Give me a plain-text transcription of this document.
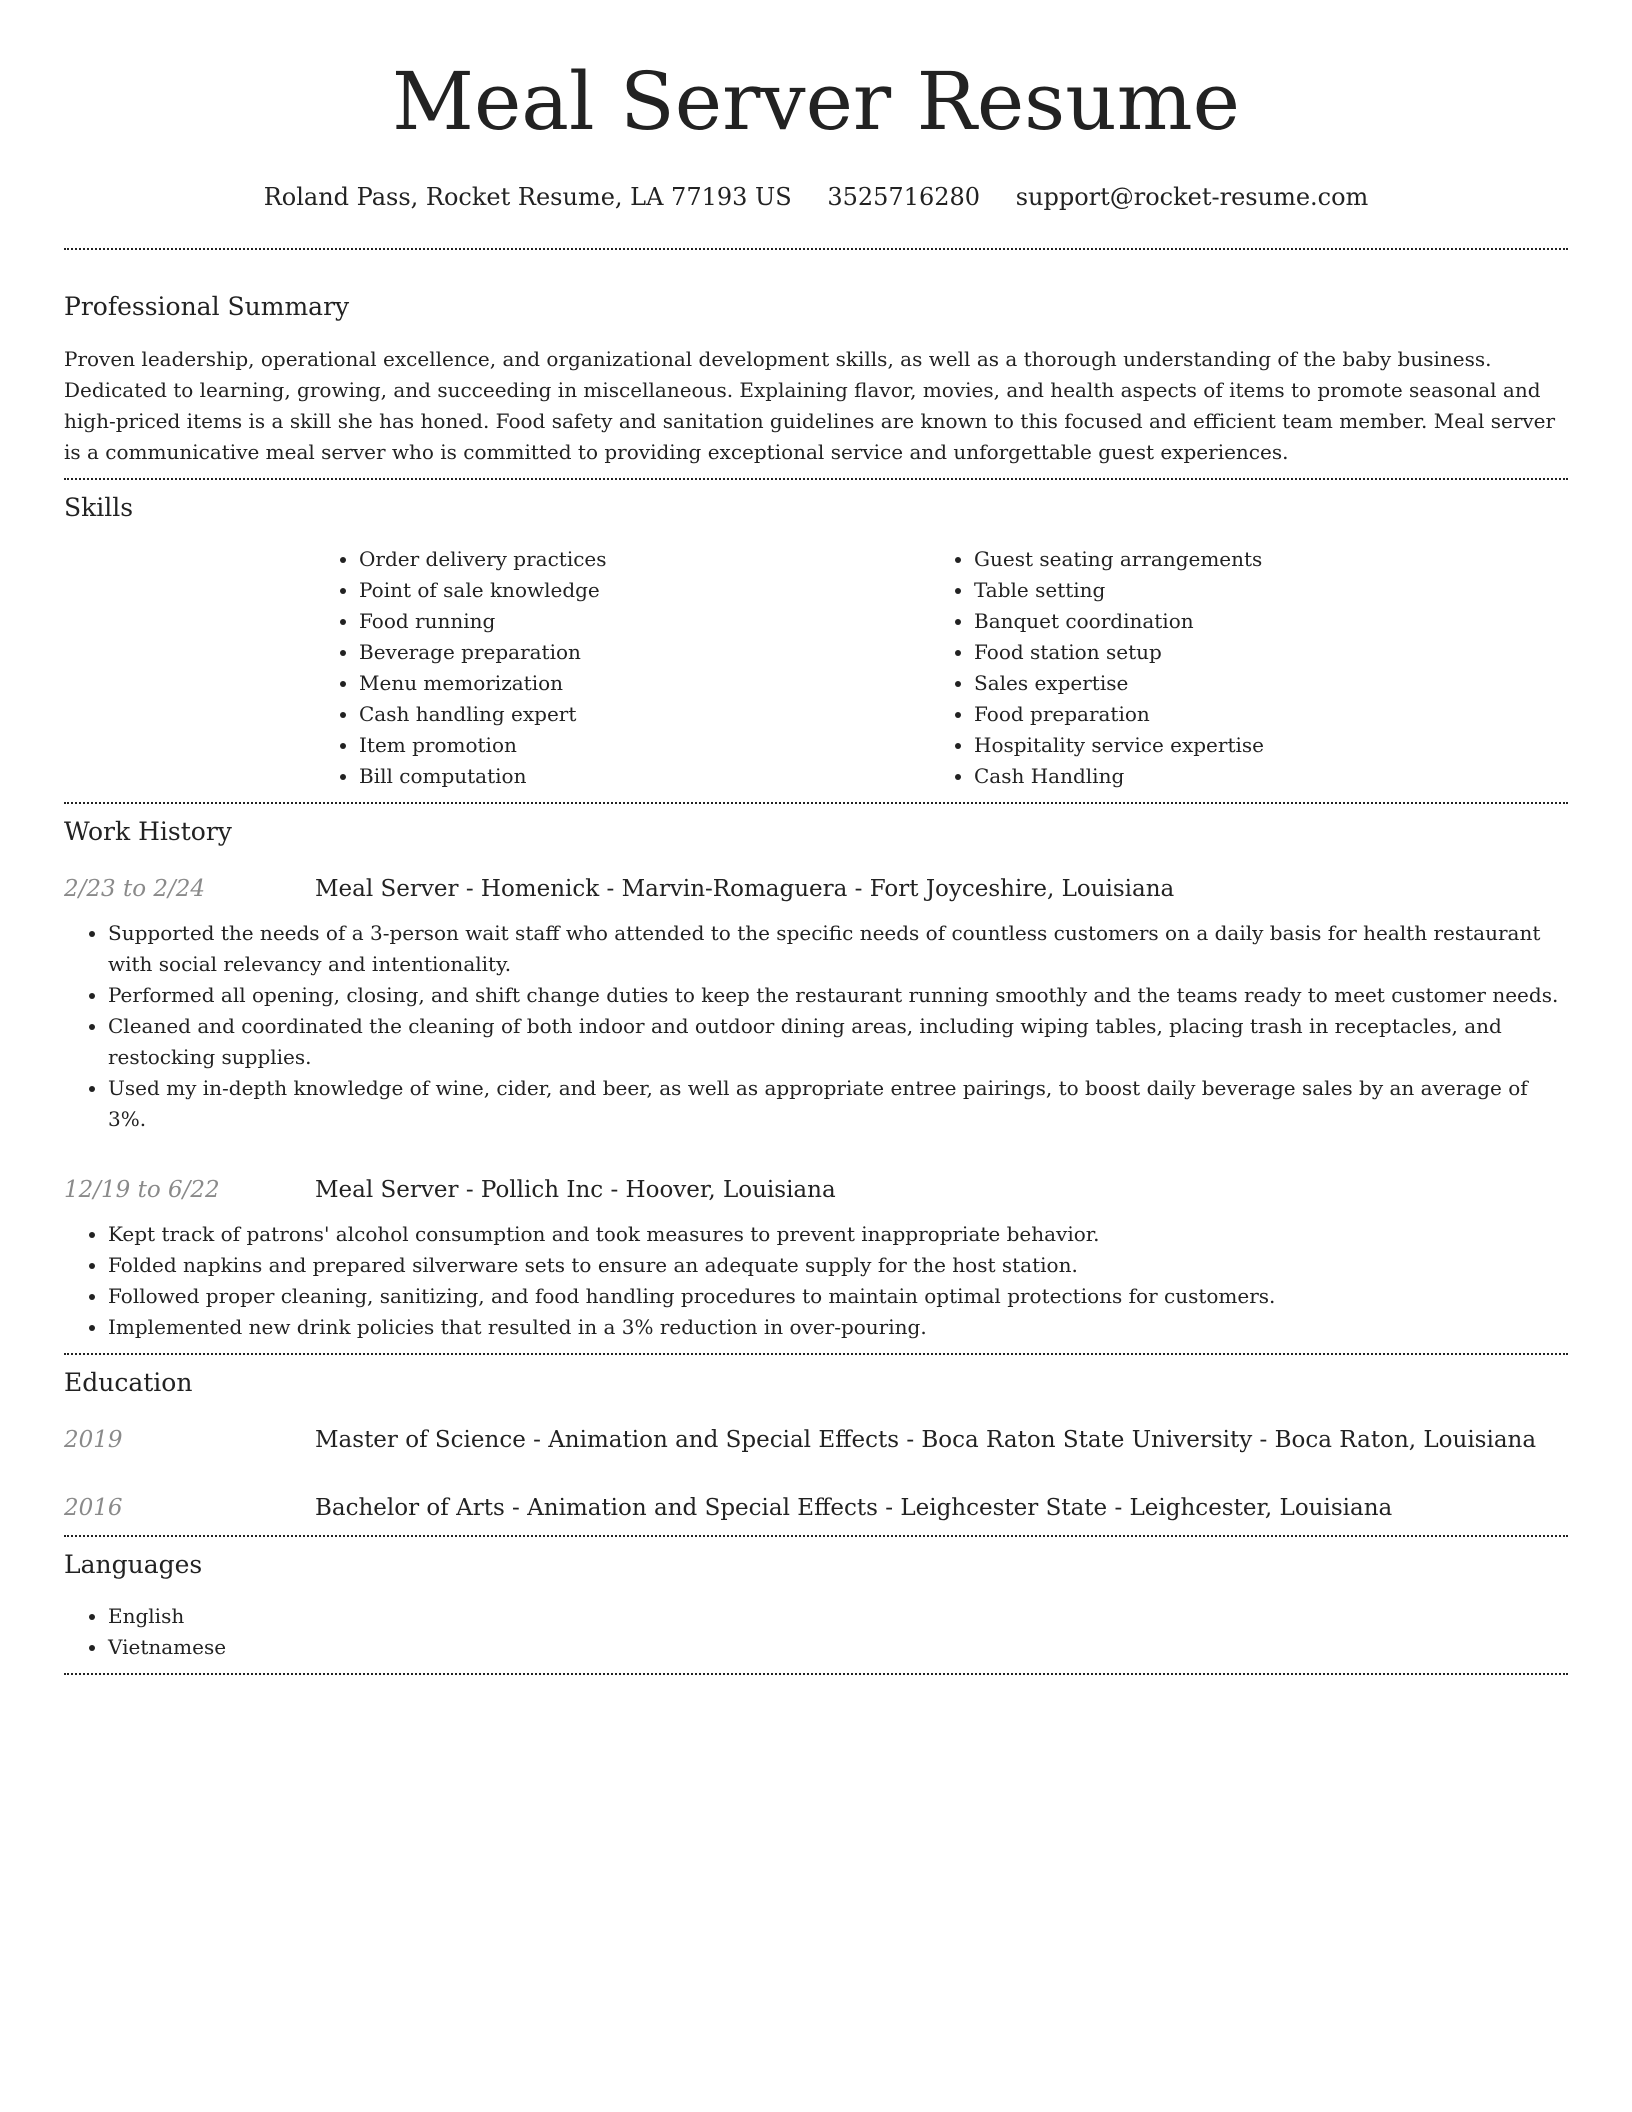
Meal Server Resume
Roland Pass, Rocket Resume, LA 77193 US 3525716280 support@rocket-resume.com
Professional Summary

Proven leadership, operational excellence, and organizational development skills, as well as a thorough understanding of the baby business. Dedicated to learning, growing, and succeeding in miscellaneous. Explaining flavor, movies, and health aspects of items to promote seasonal and high-priced items is a skill she has honed. Food safety and sanitation guidelines are known to this focused and efficient team member. Meal server is a communicative meal server who is committed to providing exceptional service and unforgettable guest experiences.

Skills
• Order delivery practices
• Point of sale knowledge
• Food running
• Beverage preparation
• Menu memorization
• Cash handling expert
• Item promotion
• Bill computation
• Guest seating arrangements
• Table setting
• Banquet coordination
• Food station setup
• Sales expertise
• Food preparation
• Hospitality service expertise
• Cash Handling
Work History
2/23 to 2/24	Meal Server - Homenick - Marvin-Romaguera - Fort Joyceshire, Louisiana
• Supported the needs of a 3-person wait staff who attended to the specific needs of countless customers on a daily basis for health restaurant with social relevancy and intentionality.
• Performed all opening, closing, and shift change duties to keep the restaurant running smoothly and the teams ready to meet customer needs.
• Cleaned and coordinated the cleaning of both indoor and outdoor dining areas, including wiping tables, placing trash in receptacles, and restocking supplies.
• Used my in-depth knowledge of wine, cider, and beer, as well as appropriate entree pairings, to boost daily beverage sales by an average of 3%.
12/19 to 6/22	Meal Server - Pollich Inc - Hoover, Louisiana
• Kept track of patrons' alcohol consumption and took measures to prevent inappropriate behavior.
• Folded napkins and prepared silverware sets to ensure an adequate supply for the host station.
• Followed proper cleaning, sanitizing, and food handling procedures to maintain optimal protections for customers.
• Implemented new drink policies that resulted in a 3% reduction in over-pouring.
Education
2019	Master of Science - Animation and Special Effects - Boca Raton State University - Boca Raton, Louisiana
2016	Bachelor of Arts - Animation and Special Effects - Leighcester State - Leighcester, Louisiana
Languages
• English
• Vietnamese
